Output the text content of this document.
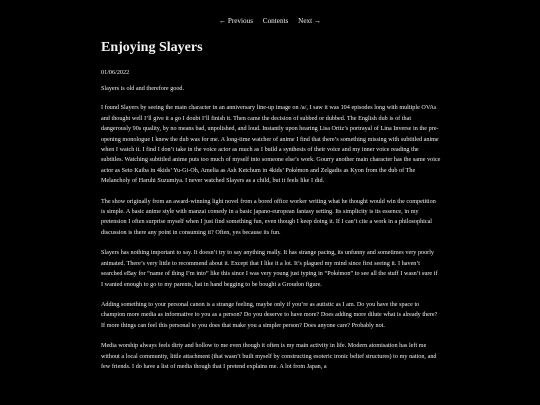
← Previous Contents Next →
Enjoying Slayers
01/06/2022

Slayers is old and therefore good.

I found Slayers by seeing the main character in an anniversary line-up image on /a/, I saw it was 104 episodes long with multiple OVAs and thought well I’ll give it a go I doubt I’ll finish it. Then came the decision of subbed or dubbed. The English dub is of that dangerously 90s quality, by no means bad, unpolished, and loud. Instantly upon hearing Lisa Ortiz’s portrayal of Lina Inverse in the pre-opening monologue I knew the dub was for me. A long-time watcher of anime I find that there’s something missing with subtitled anime when I watch it. I find I don’t take in the voice actor as much as I build a synthesis of their voice and my inner voice reading the subtitles. Watching subtitled anime puts too much of myself into someone else’s work. Gourry another main character has the same voice actor as Seto Kaiba in 4kids’ Yu-Gi-Oh, Amelia as Ash Ketchum in 4kids’ Pokémon and Zelgadis as Kyon from the dub of The Melancholy of Haruhi Suzumiya. I never watched Slayers as a child, but it feels like I did.

The show originally from an award-winning light novel from a bored office worker writing what he thought would win the competition is simple. A basic anime style with manzai comedy in a basic japano-european fantasy setting. Its simplicity is its essence, in my pretension I often surprise myself when I just find something fun, even though I keep doing it. If I can’t cite a work in a philosophical discussion is there any point in consuming it? Often, yes because its fun.

Slayers has nothing important to say. It doesn’t try to say anything really. It has strange pacing, its unfunny and sometimes very poorly animated. There’s very little to recommend about it. Except that I like it a lot. It’s plagued my mind since first seeing it. I haven’t searched eBay for “name of thing I’m into” like this since I was very young just typing in “Pokémon” to see all the stuff I wasn’t sure if I wanted enough to go to my parents, hat in hand begging to be bought a Groudon figure.

Adding something to your personal canon is a strange feeling, maybe only if you’re as autistic as I am. Do you have the space to champion more media as informative to you as a person? Do you deserve to have more? Does adding more dilute what is already there? If more things can feel this personal to you does that make you a simpler person? Does anyone care? Probably not.

Media worship always feels dirty and hollow to me even though it often is my main activity in life. Modern atomisation has left me without a local community, little attachment (that wasn’t built myself by constructing esoteric ironic belief structures) to my nation, and few friends. I do have a list of media though that I pretend explains me. A lot from Japan, a
